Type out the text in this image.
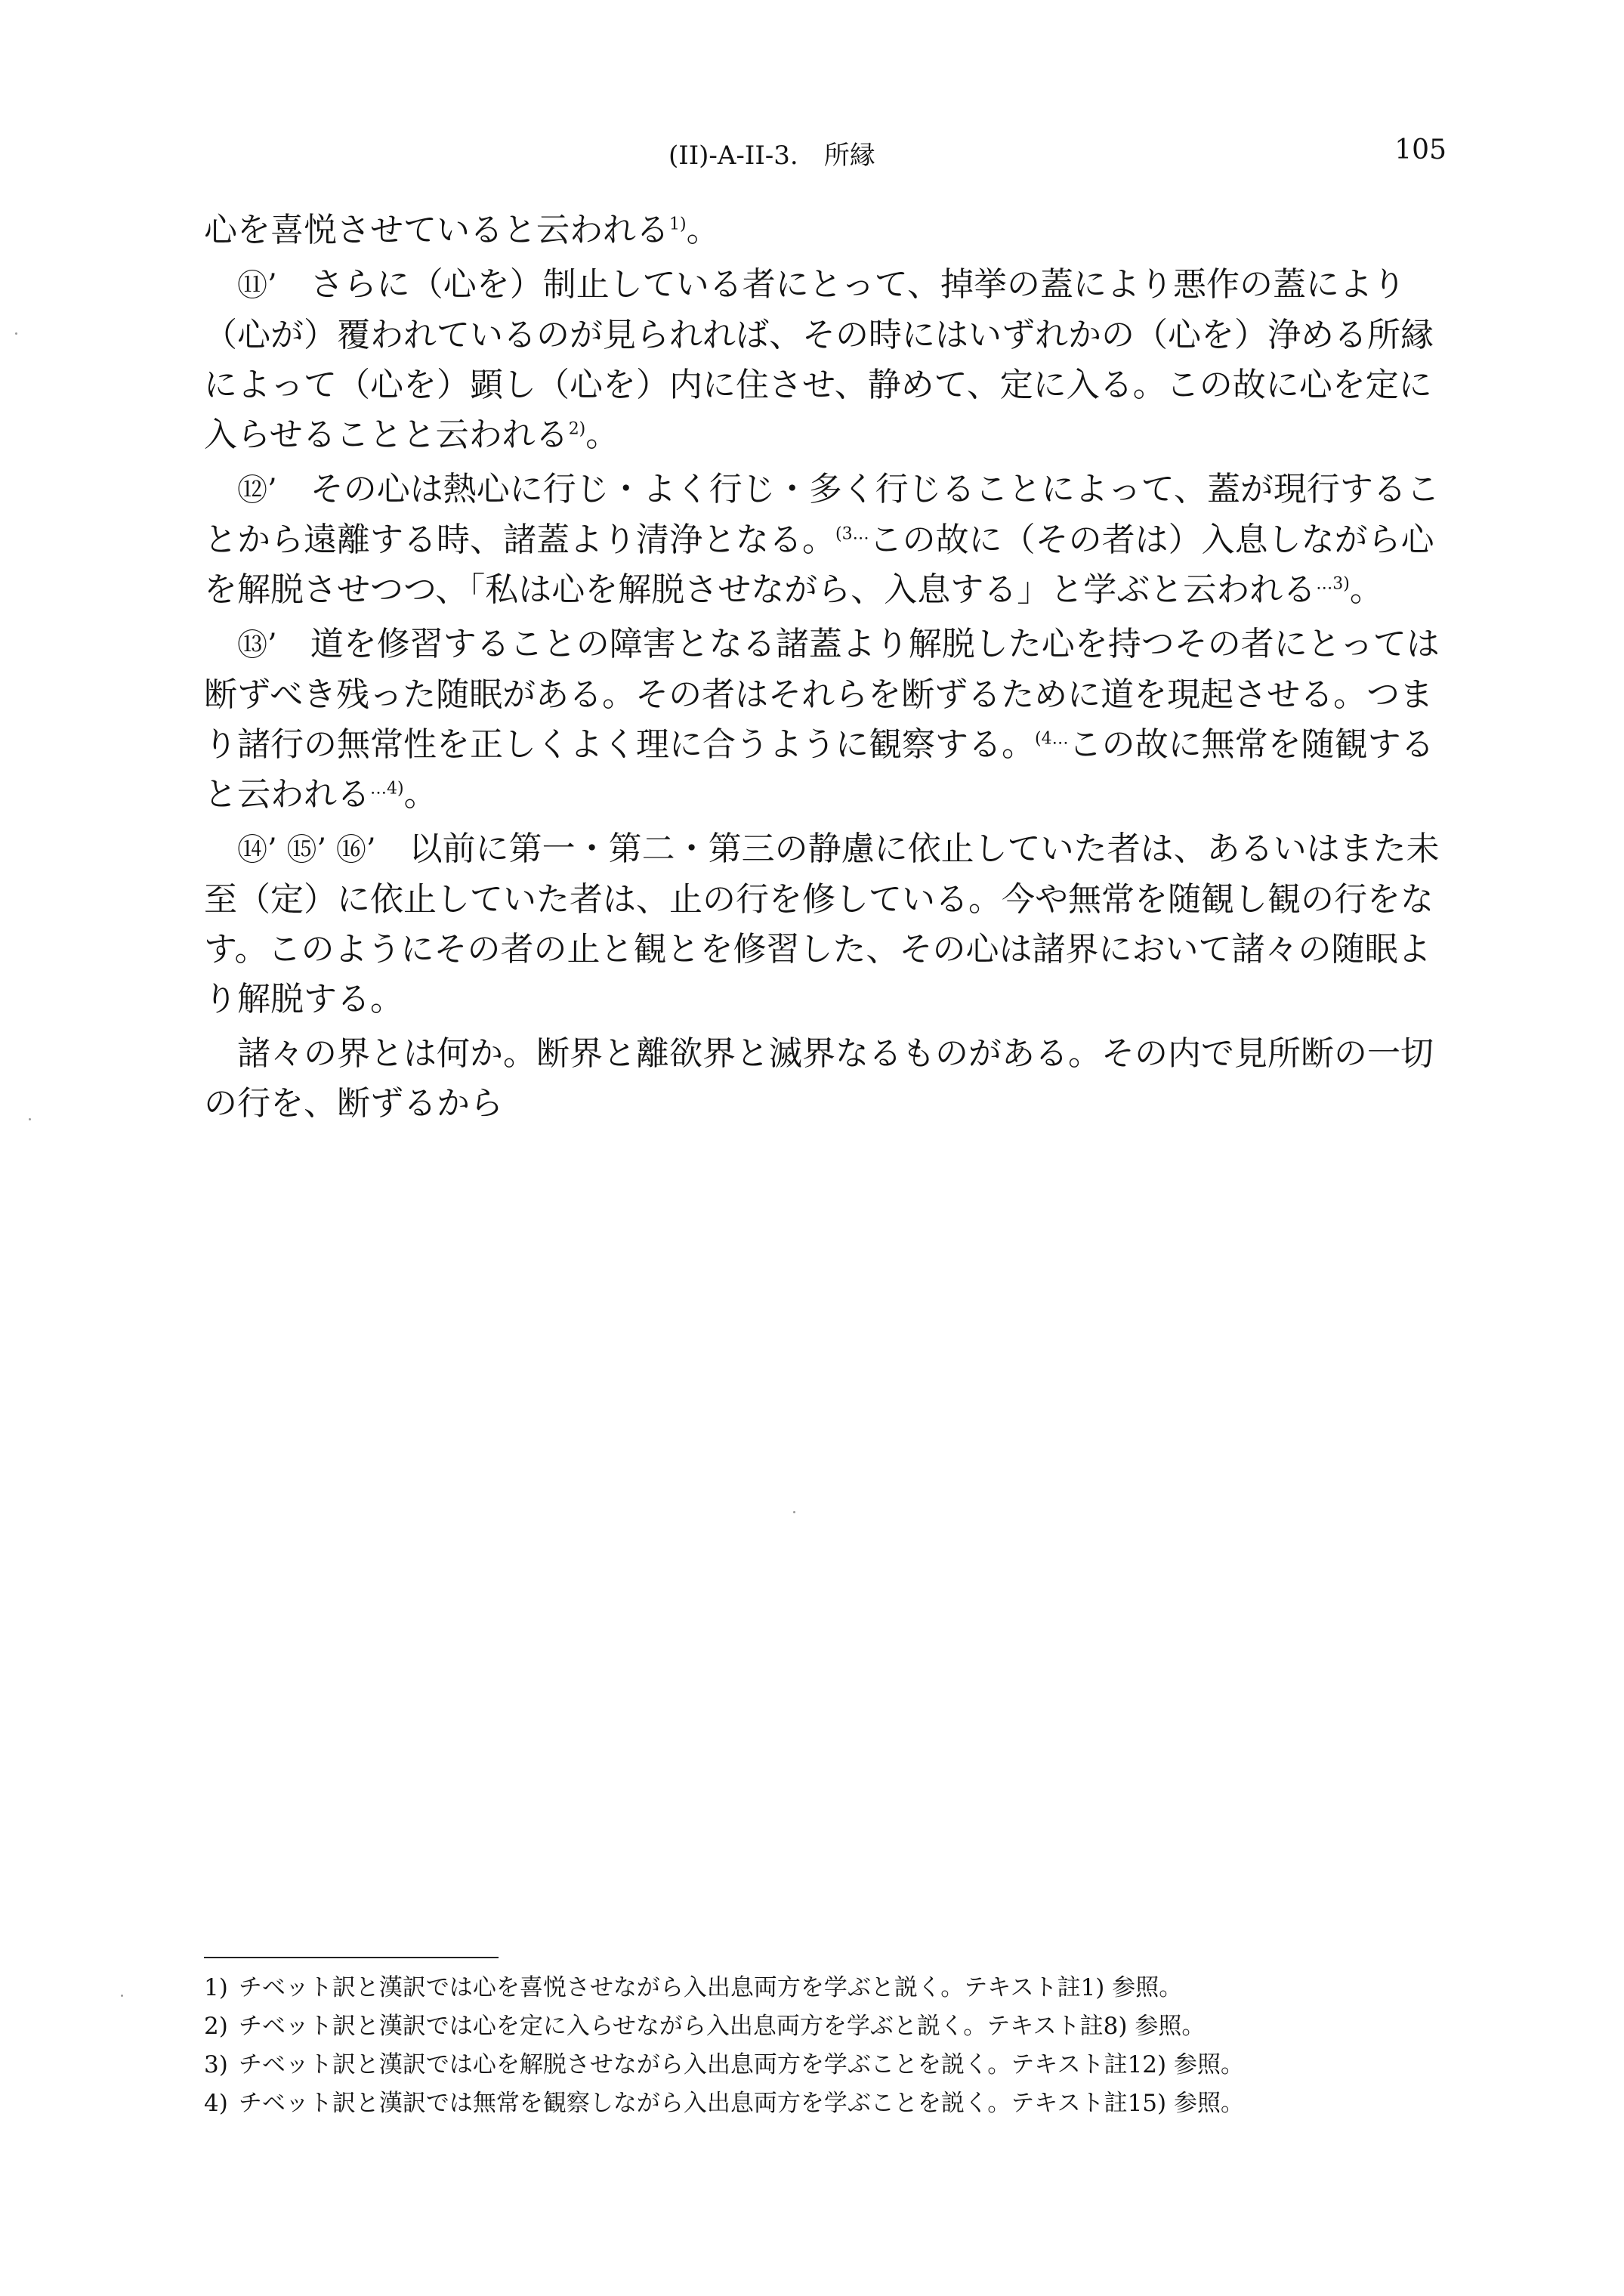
(II)-A-II-3.　所縁	105

心を喜悦させていると云われる$^{1)}$。

⑪’　 さらに（心を）制止している者にとって、掉挙の蓋により悪作の蓋により（心が）覆われているのが見られれば、その時にはいずれかの（心を）浄める所縁によって（心を）顕し（心を）内に住させ、静めて、定に入る。この故に心を定に入らせることと云われる$^{2)}$。

⑫’　 その心は熱心に行じ・よく行じ・多く行じることによって、蓋が現行することから遠離する時、諸蓋より清浄となる。$^{(3\dots}$この故に（その者は）入息しながら心を解脱させつつ、「私は心を解脱させながら、入息する」と学ぶと云われる$^{\dots 3)}$。

⑬’　 道を修習することの障害となる諸蓋より解脱した心を持つその者にとっては断ずべき残った随眠がある。その者はそれらを断ずるために道を現起させる。つまり諸行の無常性を正しくよく理に合うように観察する。$^{(4\dots}$この故に無常を随観すると云われる$^{\dots 4)}$。

⑭’ ⑮’ ⑯’　 以前に第一・第二・第三の静慮に依止していた者は、あるいはまた未至（定）に依止していた者は、止の行を修している。今や無常を随観し観の行をなす。このようにその者の止と観とを修習した、その心は諸界において諸々の随眠より解脱する。

諸々の界とは何か。断界と離欲界と滅界なるものがある。その内で見所断の一切の行を、断ずるから

1) チベット訳と漢訳では心を喜悦させながら入出息両方を学ぶと説く。テキスト註1) 参照。
2) チベット訳と漢訳では心を定に入らせながら入出息両方を学ぶと説く。テキスト註8) 参照。
3) チベット訳と漢訳では心を解脱させながら入出息両方を学ぶことを説く。テキスト註12) 参照。
4) チベット訳と漢訳では無常を観察しながら入出息両方を学ぶことを説く。テキスト註15) 参照。
